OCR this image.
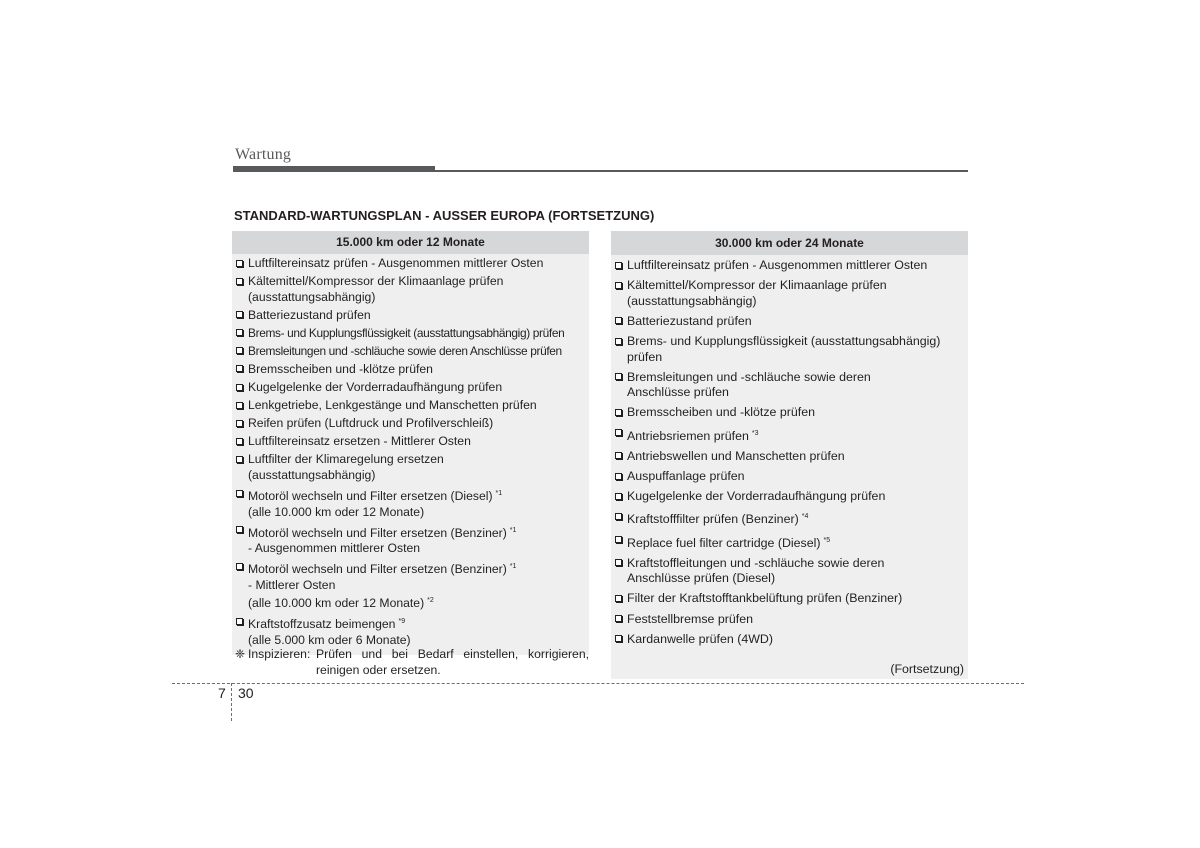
Wartung
STANDARD-WARTUNGSPLAN - AUSSER EUROPA (FORTSETZUNG)
15.000 km oder 12 Monate
Luftfiltereinsatz prüfen - Ausgenommen mittlerer Osten
Kältemittel/Kompressor der Klimaanlage prüfen
(ausstattungsabhängig)
Batteriezustand prüfen
Brems- und Kupplungsflüssigkeit (ausstattungsabhängig) prüfen
Bremsleitungen und -schläuche sowie deren Anschlüsse prüfen
Bremsscheiben und -klötze prüfen
Kugelgelenke der Vorderradaufhängung prüfen
Lenkgetriebe, Lenkgestänge und Manschetten prüfen
Reifen prüfen (Luftdruck und Profilverschleiß)
Luftfiltereinsatz ersetzen - Mittlerer Osten
Luftfilter der Klimaregelung ersetzen
(ausstattungsabhängig)
Motoröl wechseln und Filter ersetzen (Diesel) $^{*1}$

(alle 10.000 km oder 12 Monate)
Motoröl wechseln und Filter ersetzen (Benziner) $^{*1}$

- Ausgenommen mittlerer Osten
Motoröl wechseln und Filter ersetzen (Benziner) $^{*1}$

- Mittlerer Osten
(alle 10.000 km oder 12 Monate) $^{*2}$

Kraftstoffzusatz beimengen $^{*9}$

(alle 5.000 km oder 6 Monate)
30.000 km oder 24 Monate
Luftfiltereinsatz prüfen - Ausgenommen mittlerer Osten
Kältemittel/Kompressor der Klimaanlage prüfen
(ausstattungsabhängig)
Batteriezustand prüfen
Brems- und Kupplungsflüssigkeit (ausstattungsabhängig)
prüfen
Bremsleitungen und -schläuche sowie deren
Anschlüsse prüfen
Bremsscheiben und -klötze prüfen
Antriebsriemen prüfen $^{*3}$

Antriebswellen und Manschetten prüfen
Auspuffanlage prüfen
Kugelgelenke der Vorderradaufhängung prüfen
Kraftstofffilter prüfen (Benziner) $^{*4}$

Replace fuel filter cartridge (Diesel) $^{*5}$

Kraftstoffleitungen und -schläuche sowie deren
Anschlüsse prüfen (Diesel)
Filter der Kraftstofftankbelüftung prüfen (Benziner)
Feststellbremse prüfen
Kardanwelle prüfen (4WD)
(Fortsetzung)
❈ Inspizieren: Prüfen und bei Bedarf einstellen, korrigieren,
reinigen oder ersetzen.
7 30
